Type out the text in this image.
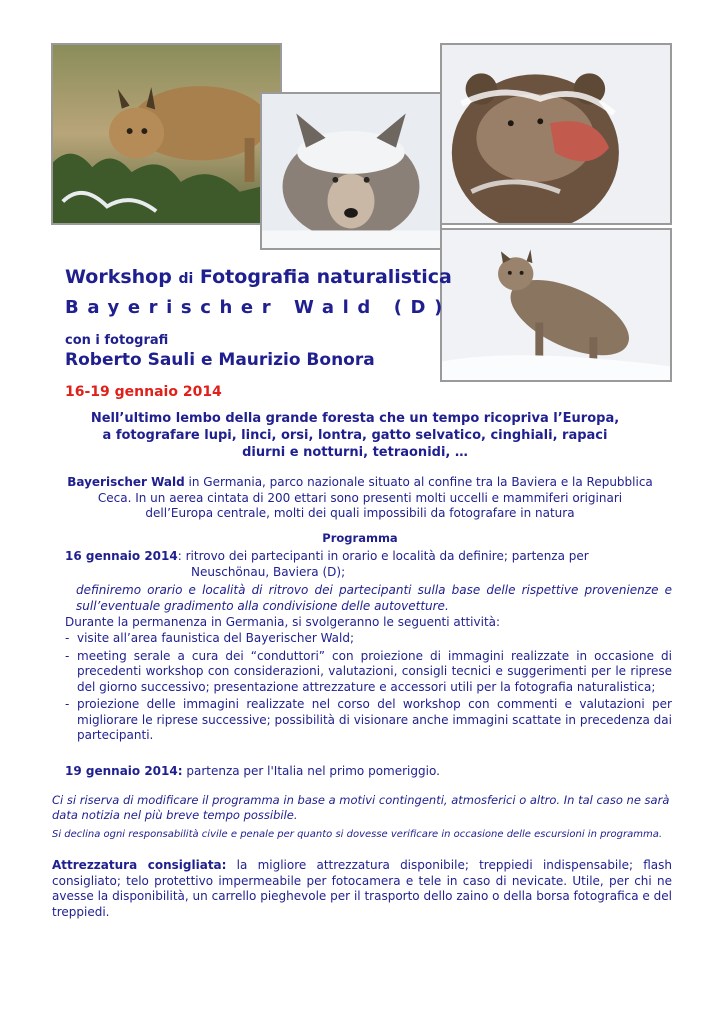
Workshop di Fotografia naturalistica
Bayerischer Wald (D)
con i fotografi
Roberto Sauli e Maurizio Bonora
16-19 gennaio 2014
Nell’ultimo lembo della grande foresta che un tempo ricopriva l’Europa,
a fotografare lupi, linci, orsi, lontra, gatto selvatico, cinghiali, rapaci
diurni e notturni, tetraonidi, …
Bayerischer Wald in Germania, parco nazionale situato al confine tra la Baviera e la Repubblica
Ceca. In un aerea cintata di 200 ettari sono presenti molti uccelli e mammiferi originari
dell’Europa centrale, molti dei quali impossibili da fotografare in natura
Programma
16 gennaio 2014: ritrovo dei partecipanti in orario e località da definire; partenza per
Neuschönau, Baviera (D);
definiremo orario e località di ritrovo dei partecipanti sulla base delle rispettive provenienze e sull’eventuale gradimento alla condivisione delle autovetture.
Durante la permanenza in Germania, si svolgeranno le seguenti attività:
- visite all’area faunistica del Bayerischer Wald;
- meeting serale a cura dei “conduttori” con proiezione di immagini realizzate in occasione di precedenti workshop con considerazioni, valutazioni, consigli tecnici e suggerimenti per le riprese del giorno successivo; presentazione attrezzature e accessori utili per la fotografia naturalistica;
- proiezione delle immagini realizzate nel corso del workshop con commenti e valutazioni per migliorare le riprese successive; possibilità di visionare anche immagini scattate in precedenza dai partecipanti.
19 gennaio 2014: partenza per l'Italia nel primo pomeriggio.
Ci si riserva di modificare il programma in base a motivi contingenti, atmosferici o altro. In tal caso ne sarà data notizia nel più breve tempo possibile.
Si declina ogni responsabilità civile e penale per quanto si dovesse verificare in occasione delle escursioni in programma.
Attrezzatura consigliata: la migliore attrezzatura disponibile; treppiedi indispensabile; flash consigliato; telo protettivo impermeabile per fotocamera e tele in caso di nevicate. Utile, per chi ne avesse la disponibilità, un carrello pieghevole per il trasporto dello zaino o della borsa fotografica e del treppiedi.
